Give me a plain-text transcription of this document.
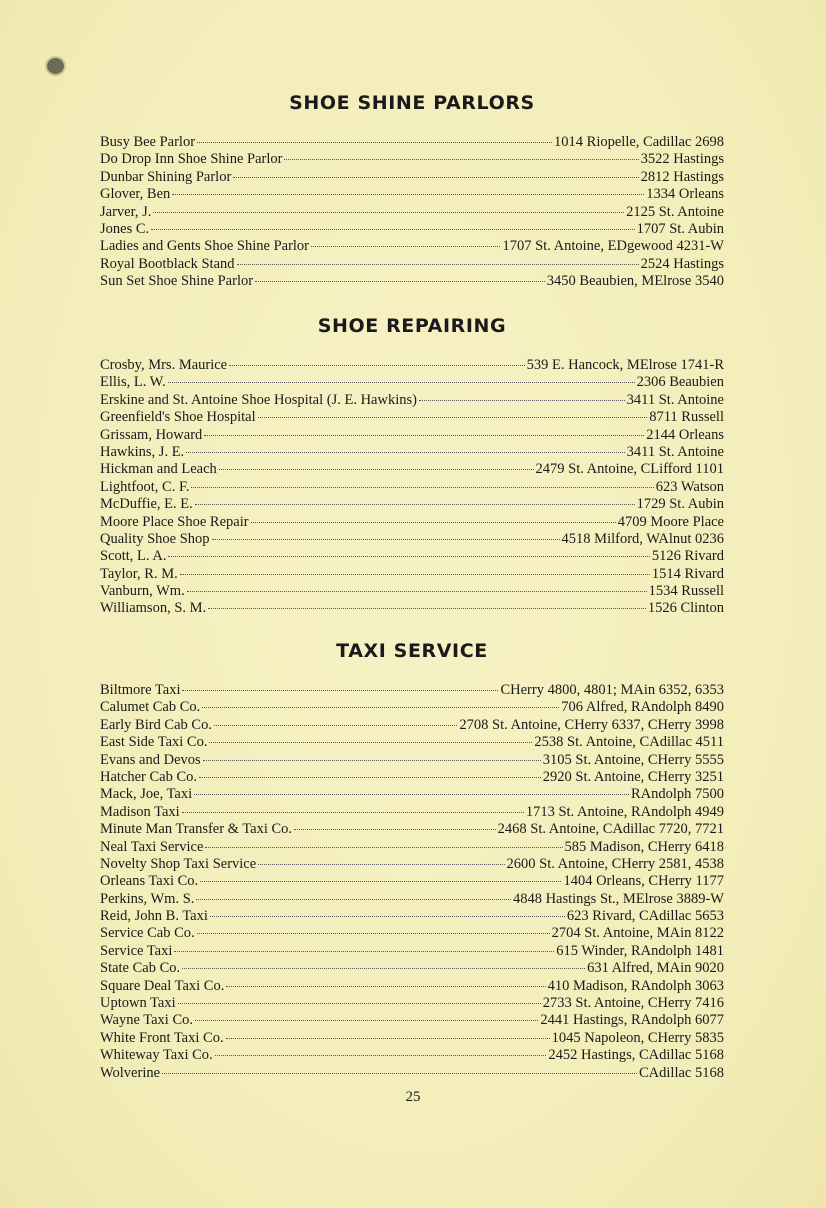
SHOE SHINE PARLORS
Busy Bee Parlor	1014 Riopelle, Cadillac 2698
Do Drop Inn Shoe Shine Parlor	3522 Hastings
Dunbar Shining Parlor	2812 Hastings
Glover, Ben	1334 Orleans
Jarver, J.	2125 St. Antoine
Jones C.	1707 St. Aubin
Ladies and Gents Shoe Shine Parlor	1707 St. Antoine, EDgewood 4231-W
Royal Bootblack Stand	2524 Hastings
Sun Set Shoe Shine Parlor	3450 Beaubien, MElrose 3540
SHOE REPAIRING
Crosby, Mrs. Maurice	539 E. Hancock, MElrose 1741-R
Ellis, L. W.	2306 Beaubien
Erskine and St. Antoine Shoe Hospital (J. E. Hawkins)	3411 St. Antoine
Greenfield's Shoe Hospital	8711 Russell
Grissam, Howard	2144 Orleans
Hawkins, J. E.	3411 St. Antoine
Hickman and Leach	2479 St. Antoine, CLifford 1101
Lightfoot, C. F.	623 Watson
McDuffie, E. E.	1729 St. Aubin
Moore Place Shoe Repair	4709 Moore Place
Quality Shoe Shop	4518 Milford, WAlnut 0236
Scott, L. A.	5126 Rivard
Taylor, R. M.	1514 Rivard
Vanburn, Wm.	1534 Russell
Williamson, S. M.	1526 Clinton
TAXI SERVICE
Biltmore Taxi	CHerry 4800, 4801; MAin 6352, 6353
Calumet Cab Co.	706 Alfred, RAndolph 8490
Early Bird Cab Co.	2708 St. Antoine, CHerry 6337, CHerry 3998
East Side Taxi Co.	2538 St. Antoine, CAdillac 4511
Evans and Devos	3105 St. Antoine, CHerry 5555
Hatcher Cab Co.	2920 St. Antoine, CHerry 3251
Mack, Joe, Taxi	RAndolph 7500
Madison Taxi	1713 St. Antoine, RAndolph 4949
Minute Man Transfer & Taxi Co.	2468 St. Antoine, CAdillac 7720, 7721
Neal Taxi Service	585 Madison, CHerry 6418
Novelty Shop Taxi Service	2600 St. Antoine, CHerry 2581, 4538
Orleans Taxi Co.	1404 Orleans, CHerry 1177
Perkins, Wm. S.	4848 Hastings St., MElrose 3889-W
Reid, John B. Taxi	623 Rivard, CAdillac 5653
Service Cab Co.	2704 St. Antoine, MAin 8122
Service Taxi	615 Winder, RAndolph 1481
State Cab Co.	631 Alfred, MAin 9020
Square Deal Taxi Co.	410 Madison, RAndolph 3063
Uptown Taxi	2733 St. Antoine, CHerry 7416
Wayne Taxi Co.	2441 Hastings, RAndolph 6077
White Front Taxi Co.	1045 Napoleon, CHerry 5835
Whiteway Taxi Co.	2452 Hastings, CAdillac 5168
Wolverine	CAdillac 5168
25
